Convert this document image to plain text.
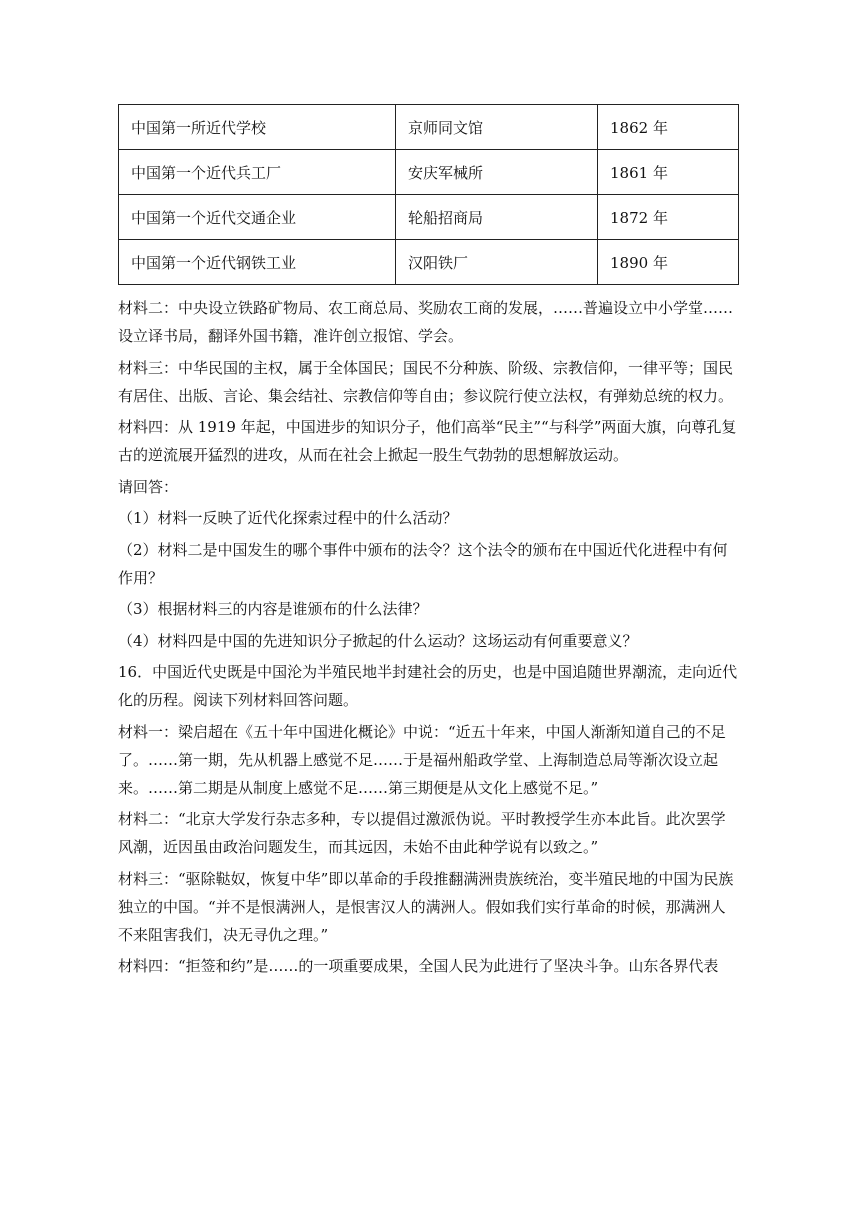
中国第一所近代学校	京师同文馆	1862 年
中国第一个近代兵工厂	安庆军械所	1861 年
中国第一个近代交通企业	轮船招商局	1872 年
中国第一个近代钢铁工业	汉阳铁厂	1890 年

材料二：中央设立铁路矿物局、农工商总局、奖励农工商的发展，……普遍设立中小学堂……设立译书局，翻译外国书籍，准许创立报馆、学会。

材料三：中华民国的主权，属于全体国民；国民不分种族、阶级、宗教信仰，一律平等；国民有居住、出版、言论、集会结社、宗教信仰等自由；参议院行使立法权，有弹劾总统的权力。

材料四：从 1919 年起，中国进步的知识分子，他们高举“民主”“与科学”两面大旗，向尊孔复古的逆流展开猛烈的进攻，从而在社会上掀起一股生气勃勃的思想解放运动。

请回答：

（1）材料一反映了近代化探索过程中的什么活动？

（2）材料二是中国发生的哪个事件中颁布的法令？这个法令的颁布在中国近代化进程中有何作用？

（3）根据材料三的内容是谁颁布的什么法律？

（4）材料四是中国的先进知识分子掀起的什么运动？这场运动有何重要意义？

16．中国近代史既是中国沦为半殖民地半封建社会的历史，也是中国追随世界潮流，走向近代化的历程。阅读下列材料回答问题。

材料一：梁启超在《五十年中国进化概论》中说：“近五十年来，中国人渐渐知道自己的不足了。……第一期，先从机器上感觉不足……于是福州船政学堂、上海制造总局等渐次设立起来。……第二期是从制度上感觉不足……第三期便是从文化上感觉不足。”

材料二：“北京大学发行杂志多种，专以提倡过激派伪说。平时教授学生亦本此旨。此次罢学风潮，近因虽由政治问题发生，而其远因，未始不由此种学说有以致之。”

材料三：“驱除鞑奴，恢复中华”即以革命的手段推翻满洲贵族统治，变半殖民地的中国为民族独立的中国。“并不是恨满洲人，是恨害汉人的满洲人。假如我们实行革命的时候，那满洲人不来阻害我们，决无寻仇之理。”

材料四：“拒签和约”是……的一项重要成果，全国人民为此进行了坚决斗争。山东各界代表
